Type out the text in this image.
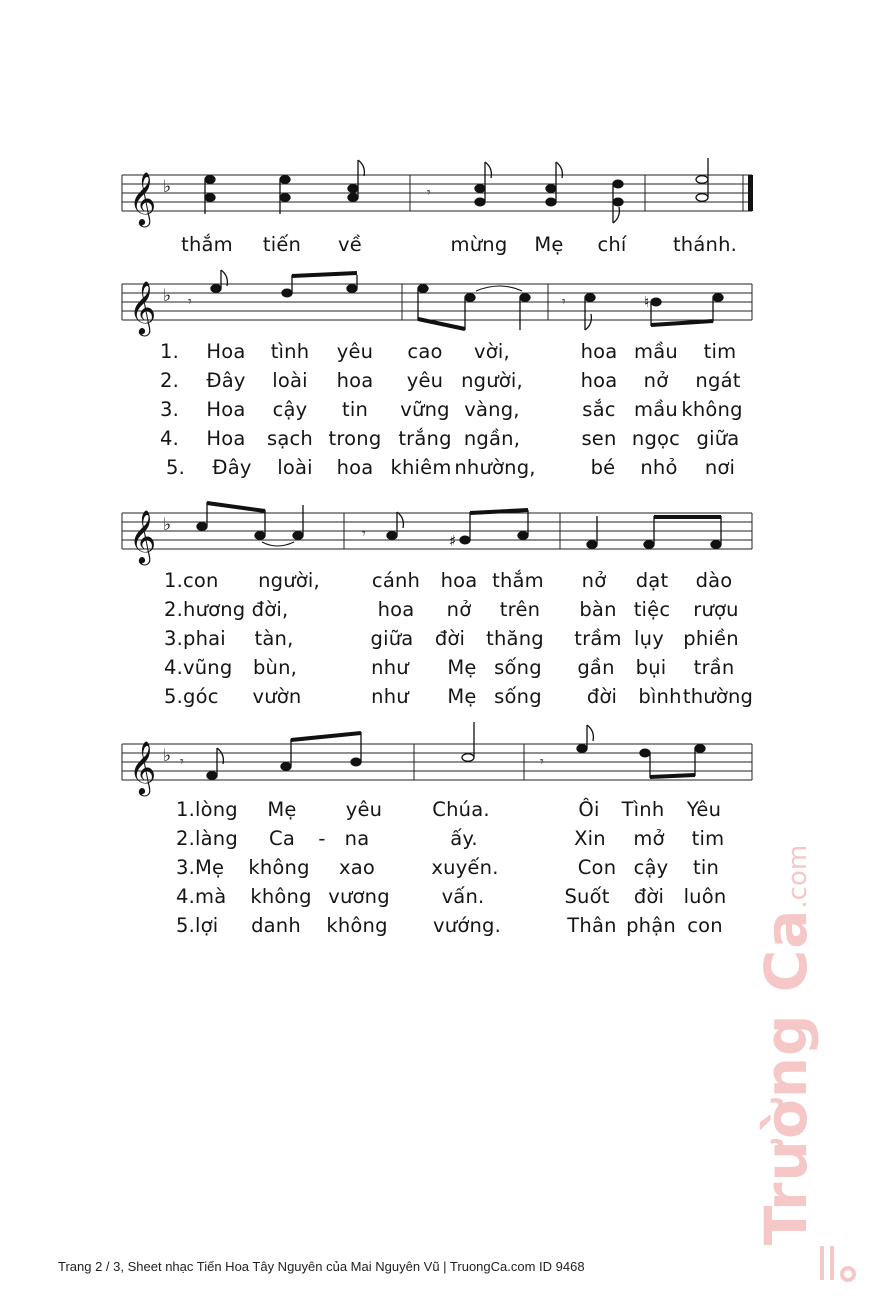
𝄞 ♭	𝄾
thắm tiến về	mừng Mẹ chí thánh.
𝄞 ♭ 𝄾	𝄾	♮
1. Hoa tình yêu cao vời,	hoa mầu tim
2. Đây loài hoa yêu người,	hoa nở ngát
3. Hoa cậy tin vững vàng,	sắc mầu không
4. Hoa sạch trong trắng ngần,	sen ngọc giữa
5. Đây loài hoa khiêm nhường,	bé nhỏ nơi
𝄞 ♭	𝄾	♯
1.con người,	cánh hoa thắm nở dạt dào
2.hương đời,	hoa nở trên bàn tiệc rượu
3.phai tàn,	giữa đời thăng trầm lụy phiền
4.vũng bùn,	như Mẹ sống gần bụi trần
5.góc vườn	như Mẹ sống đời bình thường
𝄞 ♭ 𝄾	𝄾
1.lòng Mẹ	yêu	Chúa.	Ôi Tình Yêu
2.làng Ca - na	ấy.	Xin mở tim
3.Mẹ không xao	xuyến.	Con cậy tin
4.mà không vương	vấn.	Suốt đời luôn
5.lợi danh không vướng.	Thân phận con Trường Ca.com
Trang 2 / 3, Sheet nhạc Tiến Hoa Tây Nguyên của Mai Nguyên Vũ | TruongCa.com ID 9468
